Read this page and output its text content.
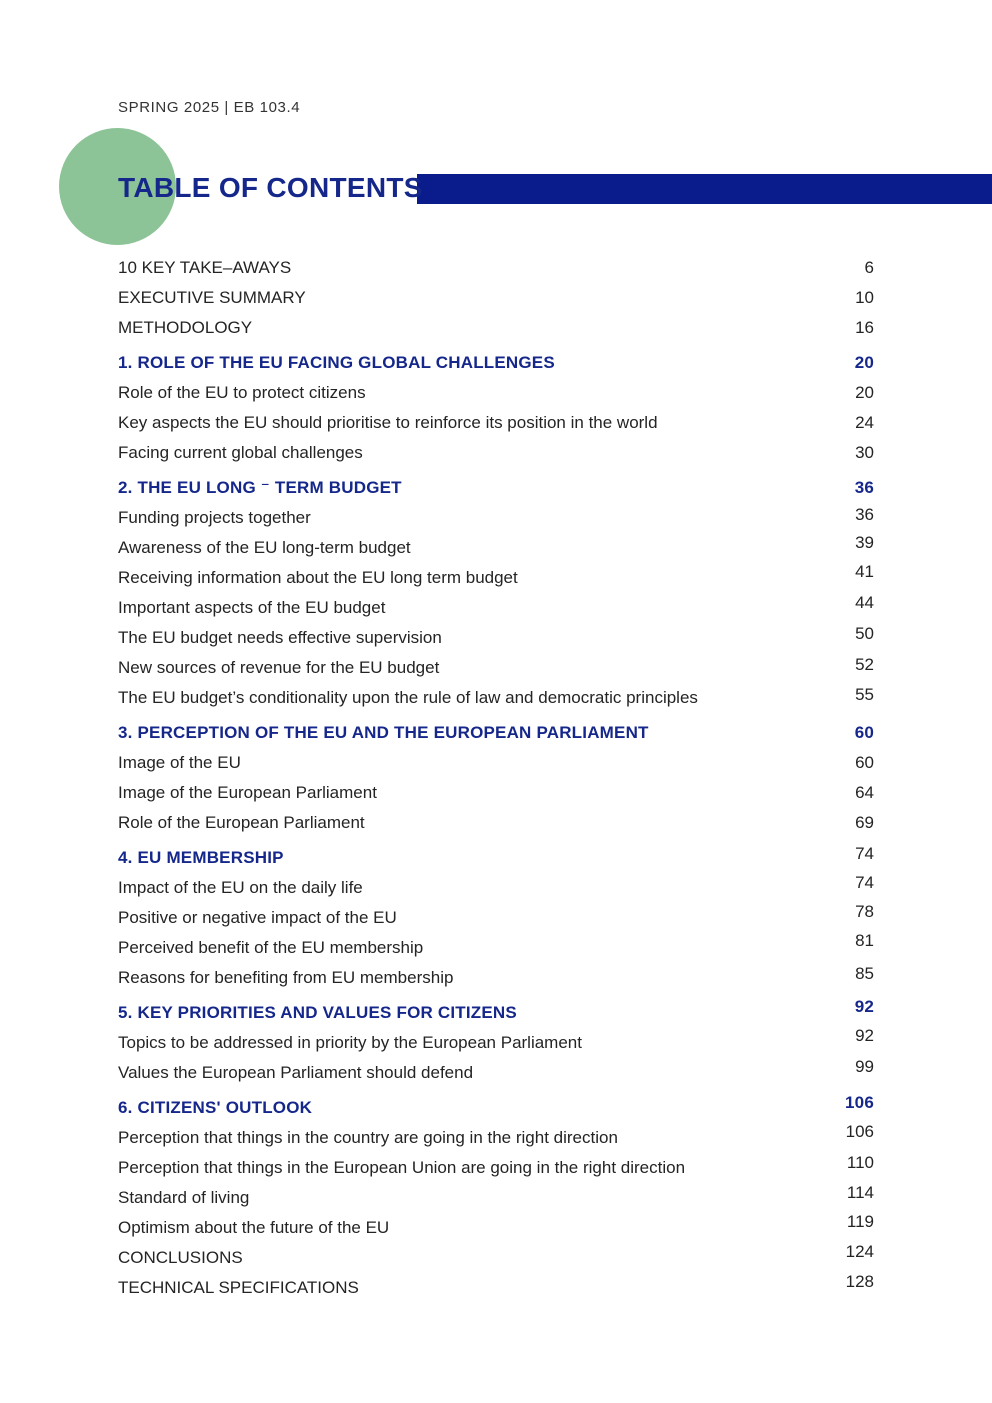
SPRING 2025 | EB 103.4
TABLE OF CONTENTS
10 KEY TAKE–AWAYS	6
EXECUTIVE SUMMARY	10
METHODOLOGY	16
1. ROLE OF THE EU FACING GLOBAL CHALLENGES	20
Role of the EU to protect citizens	20
Key aspects the EU should prioritise to reinforce its position in the world	24
Facing current global challenges	30
2. THE EU LONG ⁻ TERM BUDGET	36
Funding projects together	36
Awareness of the EU long-term budget	39
Receiving information about the EU long term budget	41
Important aspects of the EU budget	44
The EU budget needs effective supervision	50
New sources of revenue for the EU budget	52
The EU budget’s conditionality upon the rule of law and democratic principles	55
3. PERCEPTION OF THE EU AND THE EUROPEAN PARLIAMENT	60
Image of the EU	60
Image of the European Parliament	64
Role of the European Parliament	69
4. EU MEMBERSHIP	74
Impact of the EU on the daily life	74
Positive or negative impact of the EU	78
Perceived benefit of the EU membership	81
Reasons for benefiting from EU membership	85
5. KEY PRIORITIES AND VALUES FOR CITIZENS	92
Topics to be addressed in priority by the European Parliament	92
Values the European Parliament should defend	99
6. CITIZENS' OUTLOOK	106
Perception that things in the country are going in the right direction	106
Perception that things in the European Union are going in the right direction	110
Standard of living	114
Optimism about the future of the EU	119
CONCLUSIONS	124
TECHNICAL SPECIFICATIONS	128
